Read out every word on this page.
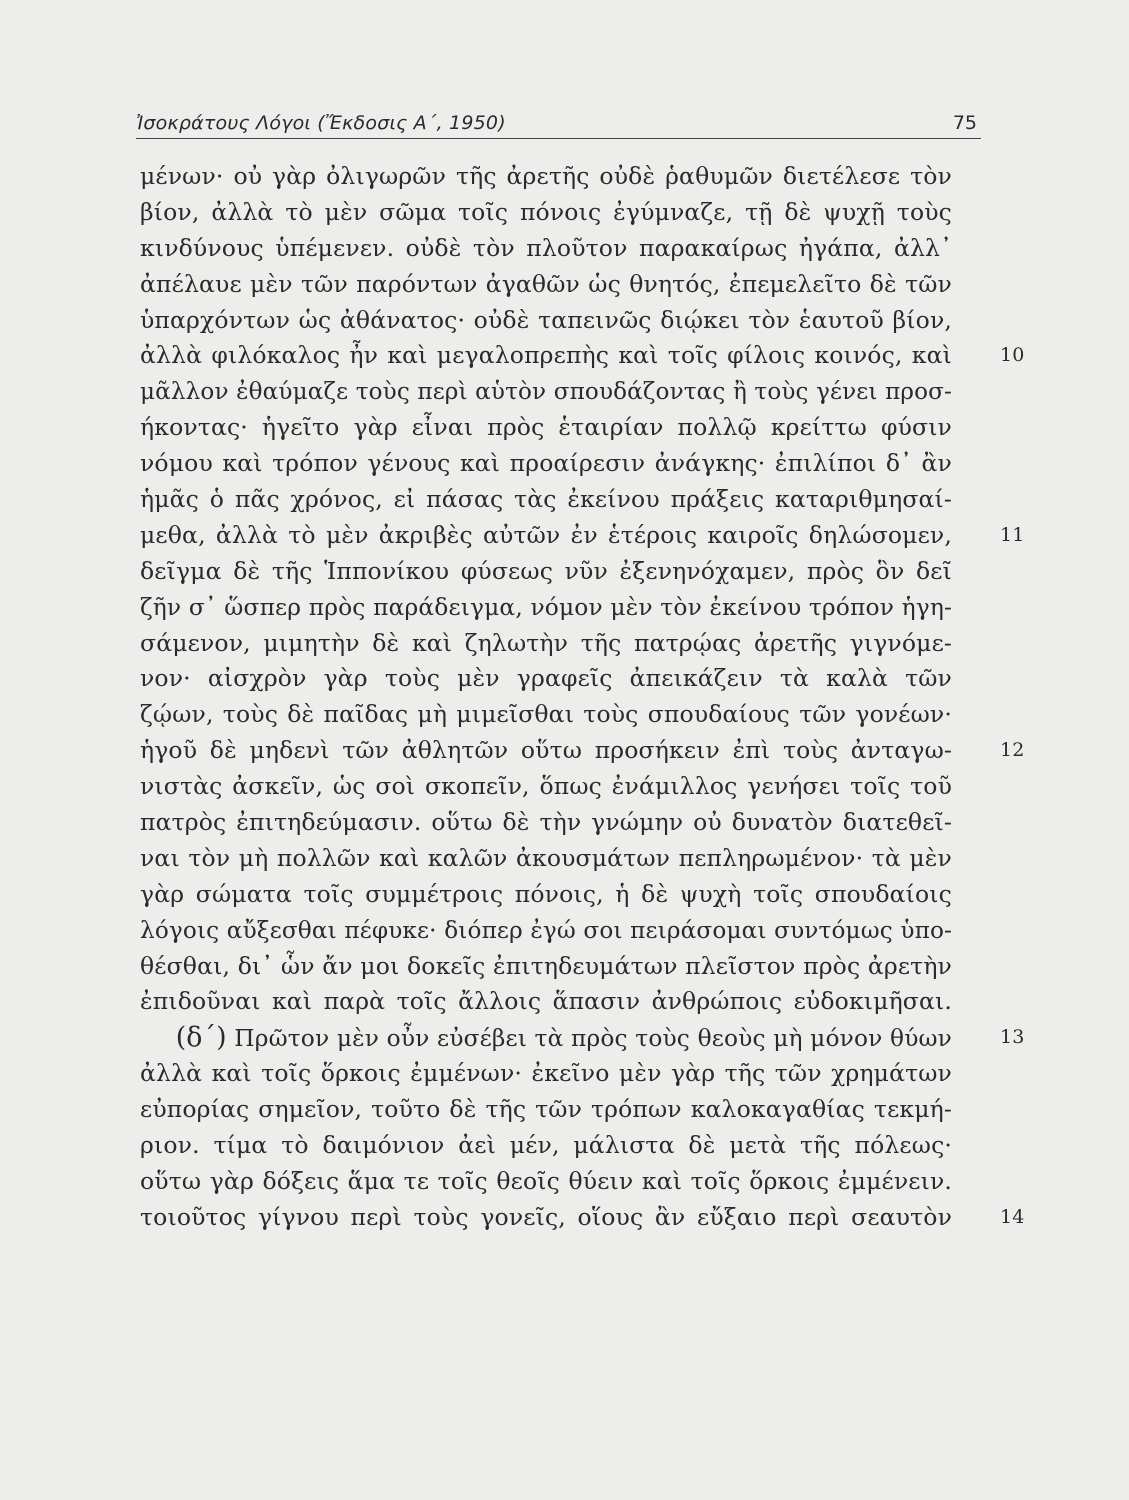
Ἰσοκράτους Λόγοι (Ἔκδοσις Α΄, 1950)	75
μένων· οὐ γὰρ ὀλιγωρῶν τῆς ἀρετῆς οὐδὲ ῥαθυμῶν διετέλεσε τὸν
βίον, ἀλλὰ τὸ μὲν σῶμα τοῖς πόνοις ἐγύμναζε, τῇ δὲ ψυχῇ τοὺς
κινδύνους ὑπέμενεν. οὐδὲ τὸν πλοῦτον παρακαίρως ἠγάπα, ἀλλ᾿
ἀπέλαυε μὲν τῶν παρόντων ἀγαθῶν ὡς θνητός, ἐπεμελεῖτο δὲ τῶν
ὑπαρχόντων ὡς ἀθάνατος· οὐδὲ ταπεινῶς διῴκει τὸν ἑαυτοῦ βίον,
ἀλλὰ φιλόκαλος ἦν καὶ μεγαλοπρεπὴς καὶ τοῖς φίλοις κοινός, καὶ	10
μᾶλλον ἐθαύμαζε τοὺς περὶ αὑτὸν σπουδάζοντας ἢ τοὺς γένει προσ-
ήκοντας· ἡγεῖτο γὰρ εἶναι πρὸς ἑταιρίαν πολλῷ κρείττω φύσιν
νόμου καὶ τρόπον γένους καὶ προαίρεσιν ἀνάγκης· ἐπιλίποι δ᾿ ἂν
ἡμᾶς ὁ πᾶς χρόνος, εἰ πάσας τὰς ἐκείνου πράξεις καταριθμησαί-
μεθα, ἀλλὰ τὸ μὲν ἀκριβὲς αὐτῶν ἐν ἑτέροις καιροῖς δηλώσομεν,	11
δεῖγμα δὲ τῆς Ἱππονίκου φύσεως νῦν ἐξενηνόχαμεν, πρὸς ὃν δεῖ
ζῆν σ᾿ ὥσπερ πρὸς παράδειγμα, νόμον μὲν τὸν ἐκείνου τρόπον ἡγη-
σάμενον, μιμητὴν δὲ καὶ ζηλωτὴν τῆς πατρῴας ἀρετῆς γιγνόμε-
νον· αἰσχρὸν γὰρ τοὺς μὲν γραφεῖς ἀπεικάζειν τὰ καλὰ τῶν
ζῴων, τοὺς δὲ παῖδας μὴ μιμεῖσθαι τοὺς σπουδαίους τῶν γονέων·
ἡγοῦ δὲ μηδενὶ τῶν ἀθλητῶν οὕτω προσήκειν ἐπὶ τοὺς ἀνταγω-	12
νιστὰς ἀσκεῖν, ὡς σοὶ σκοπεῖν, ὅπως ἐνάμιλλος γενήσει τοῖς τοῦ
πατρὸς ἐπιτηδεύμασιν. οὕτω δὲ τὴν γνώμην οὐ δυνατὸν διατεθεῖ-
ναι τὸν μὴ πολλῶν καὶ καλῶν ἀκουσμάτων πεπληρωμένον· τὰ μὲν
γὰρ σώματα τοῖς συμμέτροις πόνοις, ἡ δὲ ψυχὴ τοῖς σπουδαίοις
λόγοις αὔξεσθαι πέφυκε· διόπερ ἐγώ σοι πειράσομαι συντόμως ὑπο-
θέσθαι, δι᾿ ὧν ἄν μοι δοκεῖς ἐπιτηδευμάτων πλεῖστον πρὸς ἀρετὴν
ἐπιδοῦναι καὶ παρὰ τοῖς ἄλλοις ἅπασιν ἀνθρώποις εὐδοκιμῆσαι.
(δ΄) Πρῶτον μὲν οὖν εὐσέβει τὰ πρὸς τοὺς θεοὺς μὴ μόνον θύων	13
ἀλλὰ καὶ τοῖς ὅρκοις ἐμμένων· ἐκεῖνο μὲν γὰρ τῆς τῶν χρημάτων
εὐπορίας σημεῖον, τοῦτο δὲ τῆς τῶν τρόπων καλοκαγαθίας τεκμή-
ριον. τίμα τὸ δαιμόνιον ἀεὶ μέν, μάλιστα δὲ μετὰ τῆς πόλεως·
οὕτω γὰρ δόξεις ἅμα τε τοῖς θεοῖς θύειν καὶ τοῖς ὅρκοις ἐμμένειν.
τοιοῦτος γίγνου περὶ τοὺς γονεῖς, οἵους ἂν εὔξαιο περὶ σεαυτὸν	14
